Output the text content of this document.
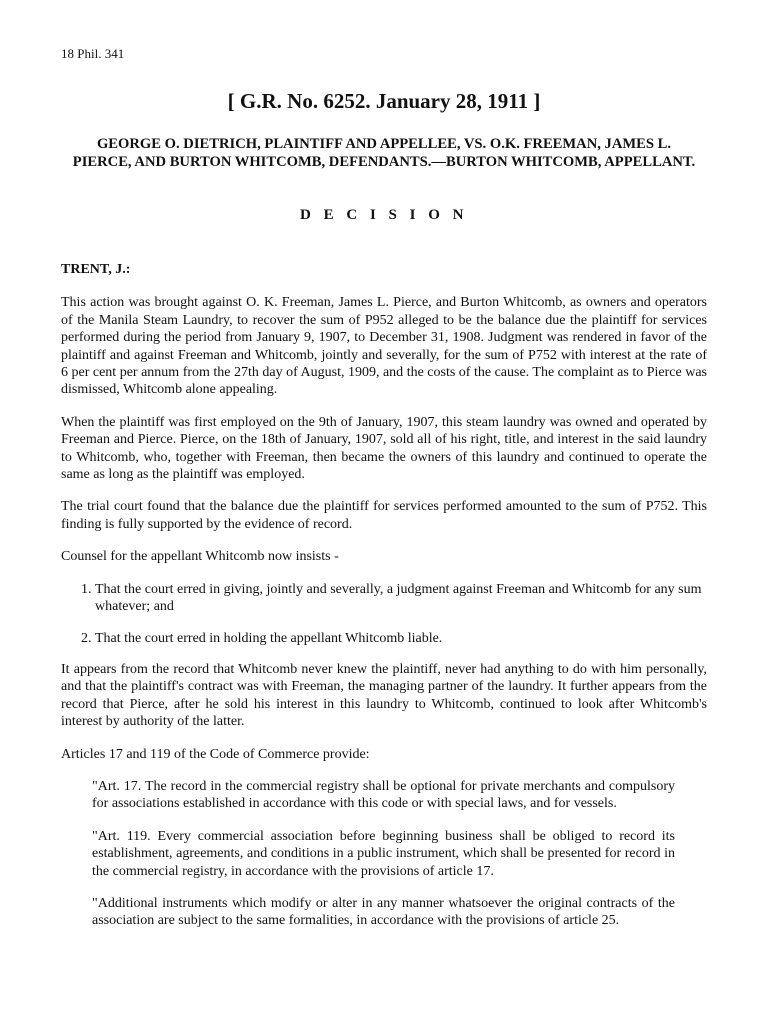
18 Phil. 341
[ G.R. No. 6252. January 28, 1911 ]
GEORGE O. DIETRICH, PLAINTIFF AND APPELLEE, VS. O.K. FREEMAN, JAMES L. PIERCE, AND BURTON WHITCOMB, DEFENDANTS.—BURTON WHITCOMB, APPELLANT.
D E C I S I O N

TRENT, J.:

This action was brought against O. K. Freeman, James L. Pierce, and Burton Whitcomb, as owners and operators of the Manila Steam Laundry, to recover the sum of P952 alleged to be the balance due the plaintiff for services performed during the period from January 9, 1907, to December 31, 1908. Judgment was rendered in favor of the plaintiff and against Freeman and Whitcomb, jointly and severally, for the sum of P752 with interest at the rate of 6 per cent per annum from the 27th day of August, 1909, and the costs of the cause. The complaint as to Pierce was dismissed, Whitcomb alone appealing.

When the plaintiff was first employed on the 9th of January, 1907, this steam laundry was owned and operated by Freeman and Pierce. Pierce, on the 18th of January, 1907, sold all of his right, title, and interest in the said laundry to Whitcomb, who, together with Freeman, then became the owners of this laundry and continued to operate the same as long as the plaintiff was employed.

The trial court found that the balance due the plaintiff for services performed amounted to the sum of P752. This finding is fully supported by the evidence of record.

Counsel for the appellant Whitcomb now insists -

1. That the court erred in giving, jointly and severally, a judgment against Freeman and Whitcomb for any sum whatever; and
2. That the court erred in holding the appellant Whitcomb liable.

It appears from the record that Whitcomb never knew the plaintiff, never had anything to do with him personally, and that the plaintiff's contract was with Freeman, the managing partner of the laundry. It further appears from the record that Pierce, after he sold his interest in this laundry to Whitcomb, continued to look after Whitcomb's interest by authority of the latter.

Articles 17 and 119 of the Code of Commerce provide:

"Art. 17. The record in the commercial registry shall be optional for private merchants and compulsory for associations established in accordance with this code or with special laws, and for vessels.
"Art. 119. Every commercial association before beginning business shall be obliged to record its establishment, agreements, and conditions in a public instrument, which shall be presented for record in the commercial registry, in accordance with the provisions of article 17.
"Additional instruments which modify or alter in any manner whatsoever the original contracts of the association are subject to the same formalities, in accordance with the provisions of article 25.
